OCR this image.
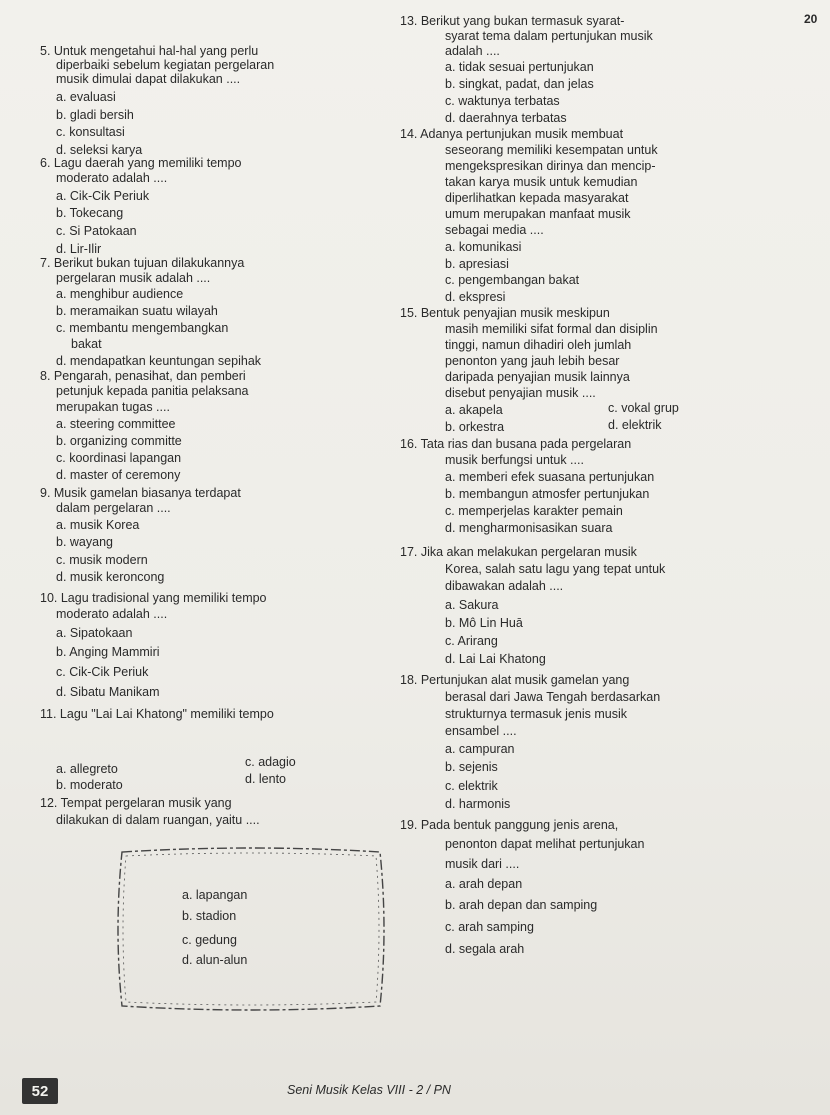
20
5. Untuk mengetahui hal-hal yang perlu
diperbaiki sebelum kegiatan pergelaran
musik dimulai dapat dilakukan ....
a. evaluasi
b. gladi bersih
c. konsultasi
d. seleksi karya
6. Lagu daerah yang memiliki tempo
moderato adalah ....
a. Cik-Cik Periuk
b. Tokecang
c. Si Patokaan
d. Lir-Ilir
7. Berikut bukan tujuan dilakukannya
pergelaran musik adalah ....
a. menghibur audience
b. meramaikan suatu wilayah
c. membantu mengembangkan
bakat
d. mendapatkan keuntungan sepihak
8. Pengarah, penasihat, dan pemberi
petunjuk kepada panitia pelaksana
merupakan tugas ....
a. steering committee
b. organizing committe
c. koordinasi lapangan
d. master of ceremony
9. Musik gamelan biasanya terdapat
dalam pergelaran ....
a. musik Korea
b. wayang
c. musik modern
d. musik keroncong
10. Lagu tradisional yang memiliki tempo
moderato adalah ....
a. Sipatokaan
b. Anging Mammiri
c. Cik-Cik Periuk
d. Sibatu Manikam
11. Lagu "Lai Lai Khatong" memiliki tempo
a. allegreto	c. adagio
b. moderato	d. lento
12. Tempat pergelaran musik yang
dilakukan di dalam ruangan, yaitu ....
13. Berikut yang bukan termasuk syarat-
syarat tema dalam pertunjukan musik
adalah ....
a. tidak sesuai pertunjukan
b. singkat, padat, dan jelas
c. waktunya terbatas
d. daerahnya terbatas
14. Adanya pertunjukan musik membuat
seseorang memiliki kesempatan untuk
mengekspresikan dirinya dan mencip-
takan karya musik untuk kemudian
diperlihatkan kepada masyarakat
umum merupakan manfaat musik
sebagai media ....
a. komunikasi
b. apresiasi
c. pengembangan bakat
d. ekspresi
15. Bentuk penyajian musik meskipun
masih memiliki sifat formal dan disiplin
tinggi, namun dihadiri oleh jumlah
penonton yang jauh lebih besar
daripada penyajian musik lainnya
disebut penyajian musik ....
a. akapela	c. vokal grup
b. orkestra	d. elektrik
16. Tata rias dan busana pada pergelaran
musik berfungsi untuk ....
a. memberi efek suasana pertunjukan
b. membangun atmosfer pertunjukan
c. memperjelas karakter pemain
d. mengharmonisasikan suara
17. Jika akan melakukan pergelaran musik
Korea, salah satu lagu yang tepat untuk
dibawakan adalah ....
a. Sakura
b. Mô Lin Huā
c. Arirang
d. Lai Lai Khatong
18. Pertunjukan alat musik gamelan yang
berasal dari Jawa Tengah berdasarkan
strukturnya termasuk jenis musik
ensambel ....
a. campuran
b. sejenis
c. elektrik
d. harmonis
19. Pada bentuk panggung jenis arena,
penonton dapat melihat pertunjukan
musik dari ....
a. arah depan
b. arah depan dan samping
c. arah samping
d. segala arah
a. lapangan
b. stadion
c. gedung
d. alun-alun
52	Seni Musik Kelas VIII - 2 / PN
